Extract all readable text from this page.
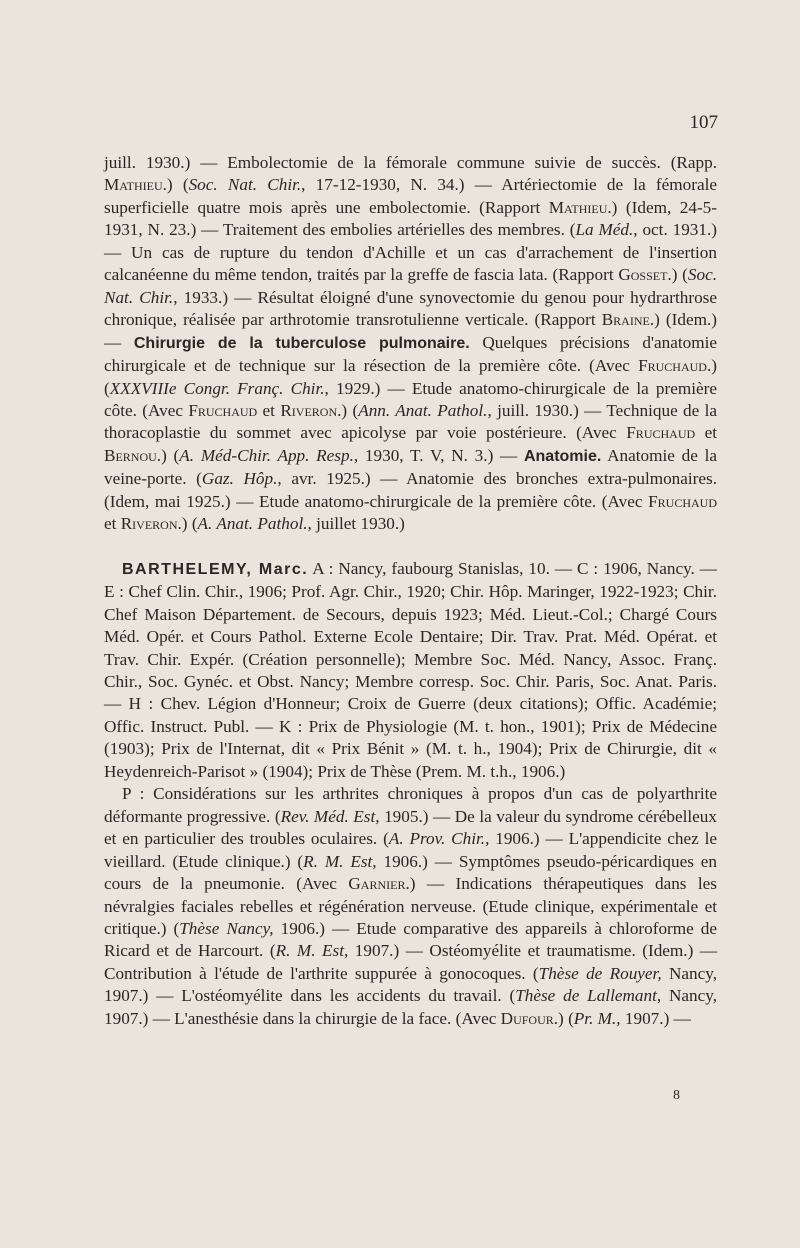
107

juill. 1930.) — Embolectomie de la fémorale commune suivie de succès. (Rapp. Mathieu.) (Soc. Nat. Chir., 17-12-1930, N. 34.) — Artériectomie de la fémorale superficielle quatre mois après une embolectomie. (Rapport Mathieu.) (Idem, 24-5-1931, N. 23.) — Traitement des embolies artérielles des membres. (La Méd., oct. 1931.) — Un cas de rupture du tendon d'Achille et un cas d'arrachement de l'insertion calcanéenne du même tendon, traités par la greffe de fascia lata. (Rapport Gosset.) (Soc. Nat. Chir., 1933.) — Résultat éloigné d'une synovectomie du genou pour hydrarthrose chronique, réalisée par arthrotomie transrotulienne verticale. (Rapport Braine.) (Idem.) — Chirurgie de la tuberculose pulmonaire. Quelques précisions d'anatomie chirurgicale et de technique sur la résection de la première côte. (Avec Fruchaud.) (XXXVIIIe Congr. Franç. Chir., 1929.) — Etude anatomo-chirurgicale de la première côte. (Avec Fruchaud et Riveron.) (Ann. Anat. Pathol., juill. 1930.) — Technique de la thoracoplastie du sommet avec apicolyse par voie postérieure. (Avec Fruchaud et Bernou.) (A. Méd-Chir. App. Resp., 1930, T. V, N. 3.) — Anatomie. Anatomie de la veine-porte. (Gaz. Hôp., avr. 1925.) — Anatomie des bronches extra-pulmonaires. (Idem, mai 1925.) — Etude anatomo-chirurgicale de la première côte. (Avec Fruchaud et Riveron.) (A. Anat. Pathol., juillet 1930.)

BARTHELEMY, Marc. A : Nancy, faubourg Stanislas, 10. — C : 1906, Nancy. — E : Chef Clin. Chir., 1906; Prof. Agr. Chir., 1920; Chir. Hôp. Maringer, 1922-1923; Chir. Chef Maison Département. de Secours, depuis 1923; Méd. Lieut.-Col.; Chargé Cours Méd. Opér. et Cours Pathol. Externe Ecole Dentaire; Dir. Trav. Prat. Méd. Opérat. et Trav. Chir. Expér. (Création personnelle); Membre Soc. Méd. Nancy, Assoc. Franç. Chir., Soc. Gynéc. et Obst. Nancy; Membre corresp. Soc. Chir. Paris, Soc. Anat. Paris. — H : Chev. Légion d'Honneur; Croix de Guerre (deux citations); Offic. Académie; Offic. Instruct. Publ. — K : Prix de Physiologie (M. t. hon., 1901); Prix de Médecine (1903); Prix de l'Internat, dit « Prix Bénit » (M. t. h., 1904); Prix de Chirurgie, dit « Heydenreich-Parisot » (1904); Prix de Thèse (Prem. M. t.h., 1906.)

P : Considérations sur les arthrites chroniques à propos d'un cas de polyarthrite déformante progressive. (Rev. Méd. Est, 1905.) — De la valeur du syndrome cérébelleux et en particulier des troubles oculaires. (A. Prov. Chir., 1906.) — L'appendicite chez le vieillard. (Etude clinique.) (R. M. Est, 1906.) — Symptômes pseudo-péricardiques en cours de la pneumonie. (Avec Garnier.) — Indications thérapeutiques dans les névralgies faciales rebelles et régénération nerveuse. (Etude clinique, expérimentale et critique.) (Thèse Nancy, 1906.) — Etude comparative des appareils à chloroforme de Ricard et de Harcourt. (R. M. Est, 1907.) — Ostéomyélite et traumatisme. (Idem.) — Contribution à l'étude de l'arthrite suppurée à gonocoques. (Thèse de Rouyer, Nancy, 1907.) — L'ostéomyélite dans les accidents du travail. (Thèse de Lallemant, Nancy, 1907.) — L'anesthésie dans la chirurgie de la face. (Avec Dufour.) (Pr. M., 1907.) —

8
